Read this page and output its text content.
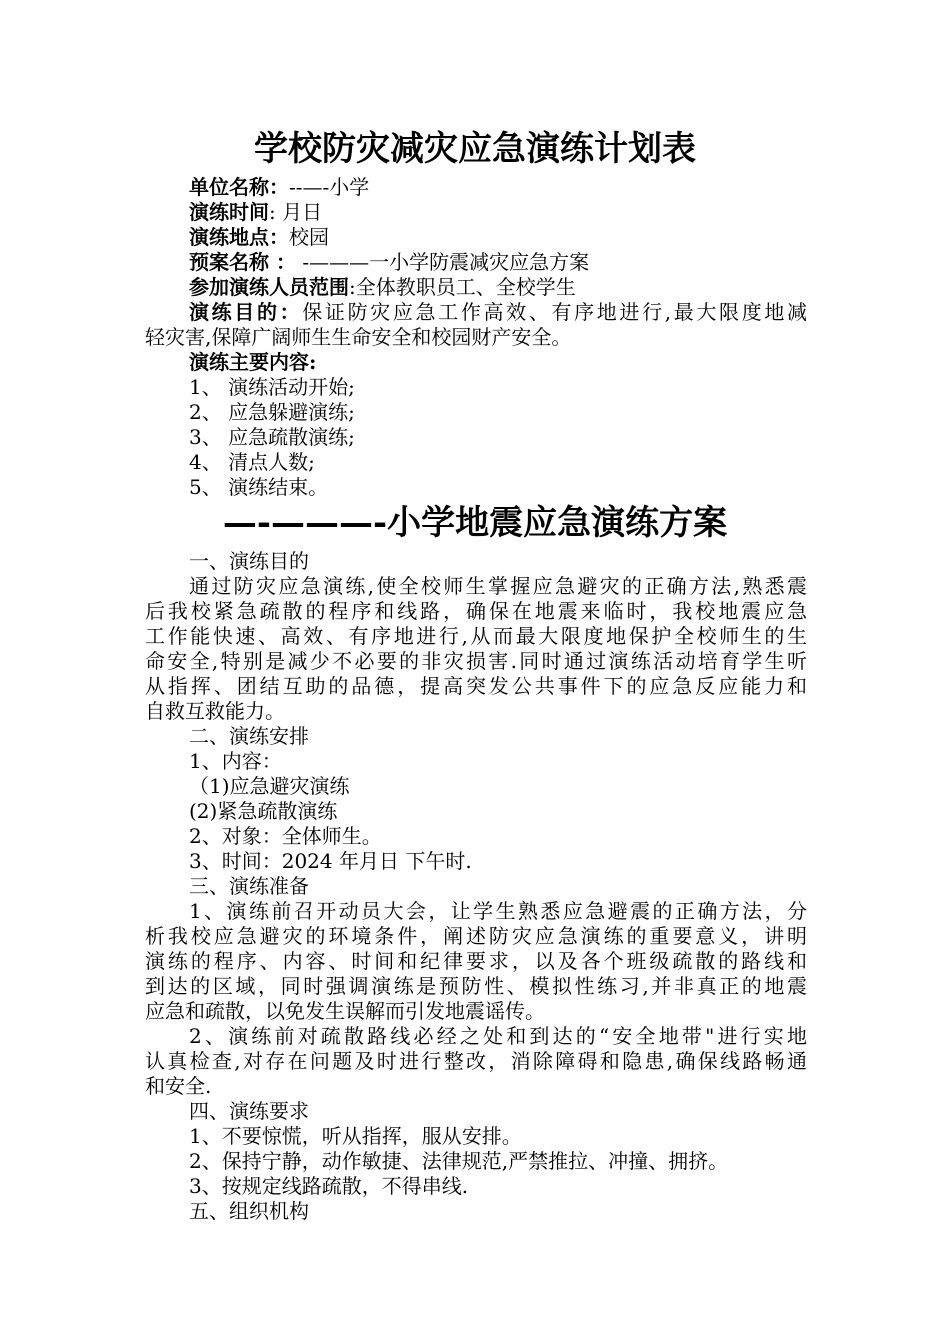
学校防灾减灾应急演练计划表
单位名称：--—-小学
演练时间: 月日
演练地点：校园
预案名称 ： -———一小学防震减灾应急方案
参加演练人员范围:全体教职员工、全校学生
演练目的：保证防灾应急工作高效、有序地进行,最大限度地减
轻灾害,保障广阔师生生命安全和校园财产安全。
演练主要内容:
1、 演练活动开始;
2、 应急躲避演练;
3、 应急疏散演练;
4、 清点人数;
5、 演练结束。
—-———-小学地震应急演练方案
一、演练目的
通过防灾应急演练,使全校师生掌握应急避灾的正确方法,熟悉震
后我校紧急疏散的程序和线路，确保在地震来临时，我校地震应急
工作能快速、高效、有序地进行,从而最大限度地保护全校师生的生
命安全,特别是减少不必要的非灾损害.同时通过演练活动培育学生听
从指挥、团结互助的品德，提高突发公共事件下的应急反应能力和
自救互救能力。
二、演练安排
1、内容：
（1)应急避灾演练
(2)紧急疏散演练
2、对象：全体师生。
3、时间：2024 年月日 下午时.
三、演练准备
1、演练前召开动员大会，让学生熟悉应急避震的正确方法，分
析我校应急避灾的环境条件，阐述防灾应急演练的重要意义，讲明
演练的程序、内容、时间和纪律要求，以及各个班级疏散的路线和
到达的区域，同时强调演练是预防性、模拟性练习,并非真正的地震
应急和疏散，以免发生误解而引发地震谣传。
2、演练前对疏散路线必经之处和到达的“安全地带"进行实地
认真检查,对存在问题及时进行整改，消除障碍和隐患,确保线路畅通
和安全.
四、演练要求
1、不要惊慌，听从指挥，服从安排。
2、保持宁静，动作敏捷、法律规范,严禁推拉、冲撞、拥挤。
3、按规定线路疏散，不得串线.
五、组织机构
